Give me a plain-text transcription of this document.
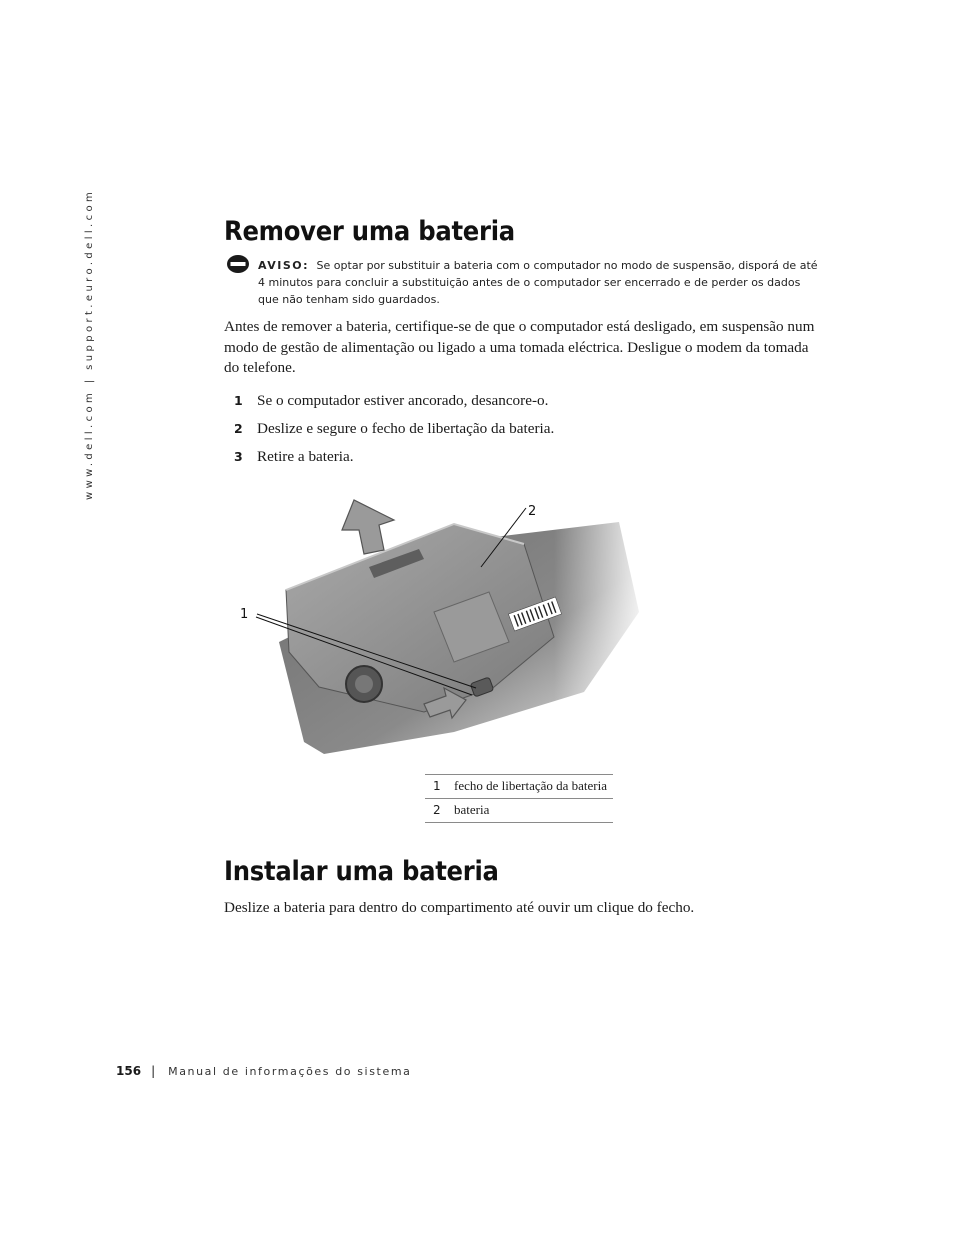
www.dell.com | support.euro.dell.com	Remover uma bateria
AVISO: Se optar por substituir a bateria com o computador no modo de suspensão, disporá de até 4 minutos para concluir a substituição antes de o computador ser encerrado e de perder os dados que não tenham sido guardados.

Antes de remover a bateria, certifique-se de que o computador está desligado, em suspensão num modo de gestão de alimentação ou ligado a uma tomada eléctrica. Desligue o modem da tomada do telefone.

1 Se o computador estiver ancorado, desancore-o.
2 Deslize e segure o fecho de libertação da bateria.
3 Retire a bateria.
2
1
1	fecho de libertação da bateria
2	bateria
Instalar uma bateria

Deslize a bateria para dentro do compartimento até ouvir um clique do fecho.

156 | Manual de informações do sistema
